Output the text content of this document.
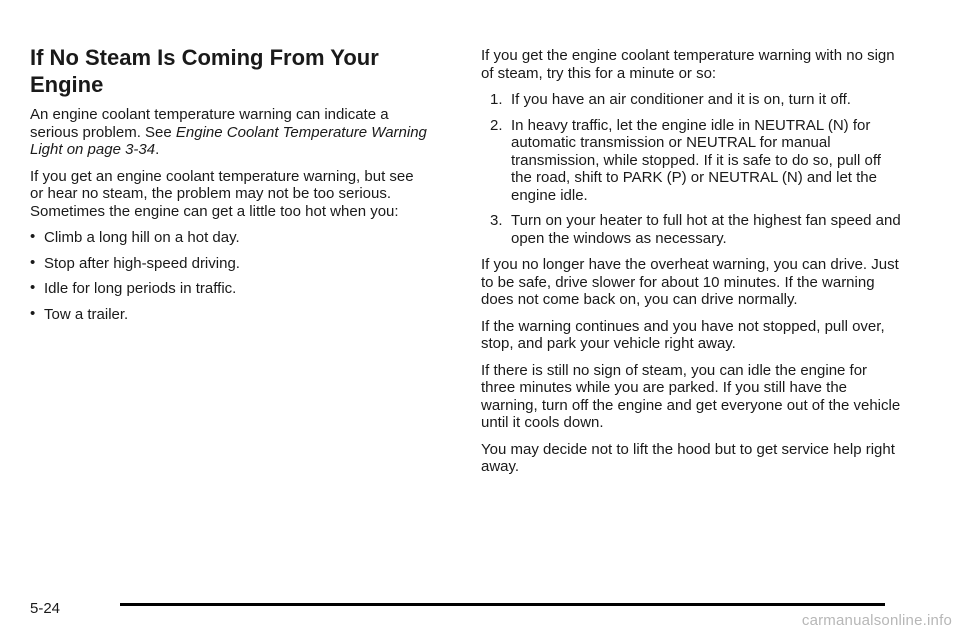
If No Steam Is Coming From Your Engine

An engine coolant temperature warning can indicate a serious problem. See Engine Coolant Temperature Warning Light on page 3-34.

If you get an engine coolant temperature warning, but see or hear no steam, the problem may not be too serious. Sometimes the engine can get a little too hot when you:

• Climb a long hill on a hot day.
• Stop after high-speed driving.
• Idle for long periods in traffic.
• Tow a trailer.

If you get the engine coolant temperature warning with no sign of steam, try this for a minute or so:

1. If you have an air conditioner and it is on, turn it off.
2. In heavy traffic, let the engine idle in NEUTRAL (N) for automatic transmission or NEUTRAL for manual transmission, while stopped. If it is safe to do so, pull off the road, shift to PARK (P) or NEUTRAL (N) and let the engine idle.
3. Turn on your heater to full hot at the highest fan speed and open the windows as necessary.

If you no longer have the overheat warning, you can drive. Just to be safe, drive slower for about 10 minutes. If the warning does not come back on, you can drive normally.

If the warning continues and you have not stopped, pull over, stop, and park your vehicle right away.

If there is still no sign of steam, you can idle the engine for three minutes while you are parked. If you still have the warning, turn off the engine and get everyone out of the vehicle until it cools down.

You may decide not to lift the hood but to get service help right away.

5-24
carmanualsonline.info
